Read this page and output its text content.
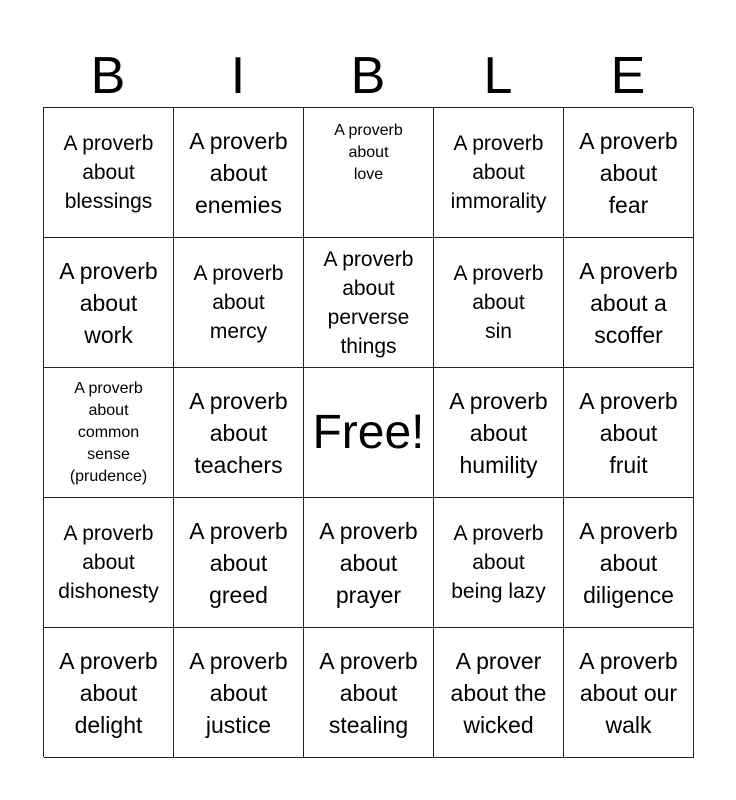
B	I	B	L	E
A proverb
about
blessings
A proverb
about
enemies
A proverb
about
love
A proverb
about
immorality
A proverb
about
fear
A proverb
about
work
A proverb
about
mercy
A proverb
about
perverse
things
A proverb
about
sin
A proverb
about a
scoffer
A proverb
about
common
sense
(prudence)
A proverb
about
teachers
Free!
A proverb
about
humility
A proverb
about
fruit
A proverb
about
dishonesty
A proverb
about
greed
A proverb
about
prayer
A proverb
about
being lazy
A proverb
about
diligence
A proverb
about
delight
A proverb
about
justice
A proverb
about
stealing
A prover
about the
wicked
A proverb
about our
walk
